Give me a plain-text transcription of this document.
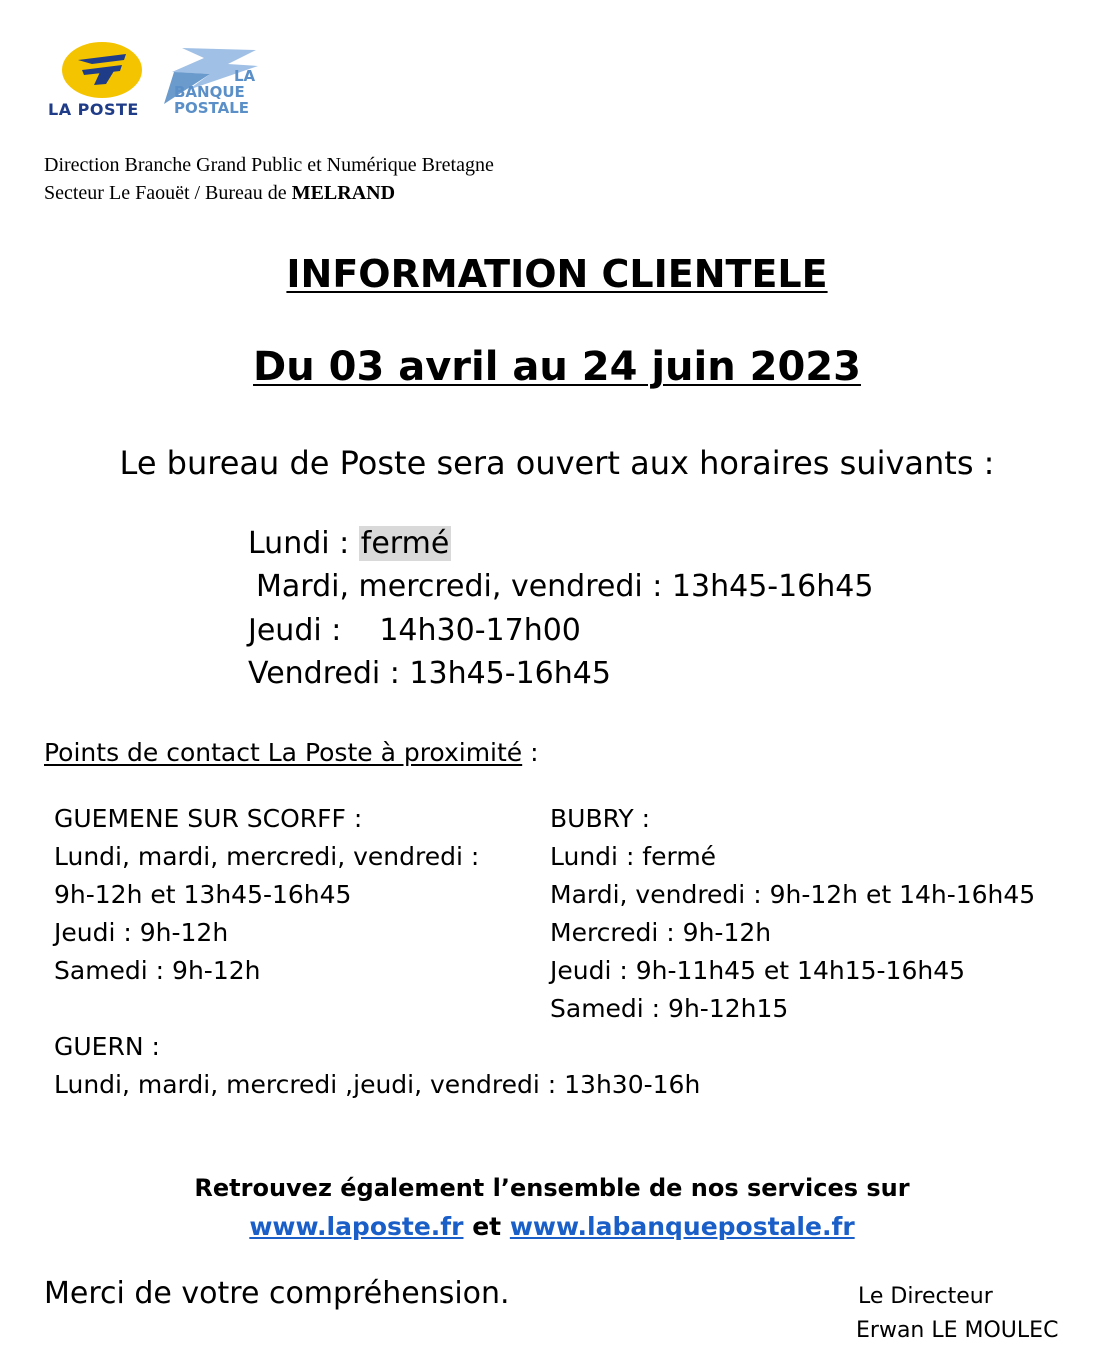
LA POSTE
LA
BANQUE
POSTALE
Direction Branche Grand Public et Numérique Bretagne
Secteur Le Faouët / Bureau de MELRAND
INFORMATION CLIENTELE
Du 03 avril au 24 juin 2023
Le bureau de Poste sera ouvert aux horaires suivants :
Lundi : fermé
Mardi, mercredi, vendredi : 13h45-16h45
Jeudi : 14h30-17h00
Vendredi : 13h45-16h45
Points de contact La Poste à proximité :
GUEMENE SUR SCORFF :
Lundi, mardi, mercredi, vendredi :
9h-12h et 13h45-16h45
Jeudi : 9h-12h
Samedi : 9h-12h
BUBRY :
Lundi : fermé
Mardi, vendredi : 9h-12h et 14h-16h45
Mercredi : 9h-12h
Jeudi : 9h-11h45 et 14h15-16h45
Samedi : 9h-12h15
GUERN :
Lundi, mardi, mercredi ,jeudi, vendredi : 13h30-16h
Retrouvez également l’ensemble de nos services sur
www.laposte.fr et www.labanquepostale.fr
Merci de votre compréhension.	Le Directeur
Erwan LE MOULEC
